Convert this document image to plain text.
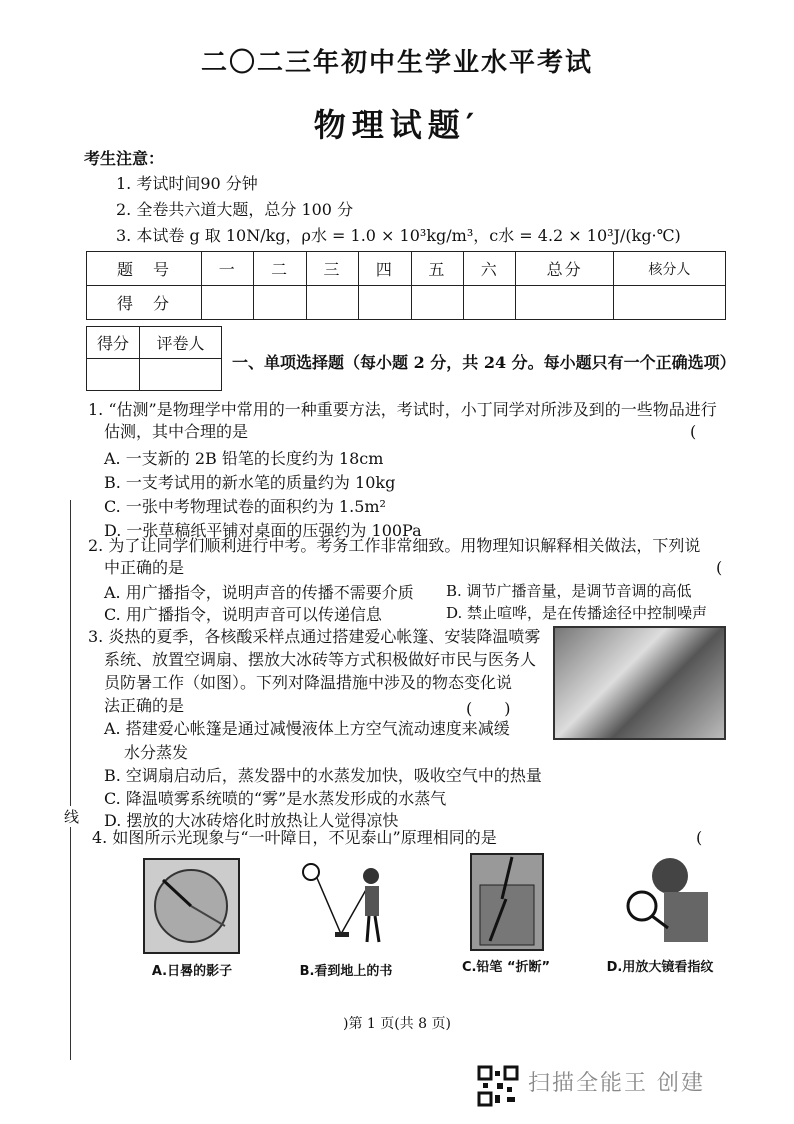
二〇二三年初中生学业水平考试
物理试题′
考生注意：
1. 考试时间90 分钟
2. 全卷共六道大题，总分 100 分
3. 本试卷 g 取 10N/kg，ρ水 = 1.0 × 10³kg/m³，c水 = 4.2 × 10³J/(kg·℃)
题　号	一	二	三	四	五	六	总分	核分人
得　分								
得分	评卷人

一、单项选择题（每小题 2 分，共 24 分。每小题只有一个正确选项）
线
1. “估测”是物理学中常用的一种重要方法，考试时，小丁同学对所涉及到的一些物品进行
估测，其中合理的是	(
A. 一支新的 2B 铅笔的长度约为 18cm
B. 一支考试用的新水笔的质量约为 10kg
C. 一张中考物理试卷的面积约为 1.5m²
D. 一张草稿纸平铺对桌面的压强约为 100Pa
2. 为了让同学们顺利进行中考。考务工作非常细致。用物理知识解释相关做法，下列说
中正确的是	(
A. 用广播指令，说明声音的传播不需要介质 B. 调节广播音量，是调节音调的高低
C. 用广播指令，说明声音可以传递信息	D. 禁止喧哗，是在传播途径中控制噪声
3. 炎热的夏季，各核酸采样点通过搭建爱心帐篷、安装降温喷雾
系统、放置空调扇、摆放大冰砖等方式积极做好市民与医务人
员防暑工作（如图）。下列对降温措施中涉及的物态变化说
法正确的是	(　　)
A. 搭建爱心帐篷是通过减慢液体上方空气流动速度来减缓
水分蒸发
B. 空调扇启动后，蒸发器中的水蒸发加快，吸收空气中的热量
C. 降温喷雾系统喷的“雾”是水蒸发形成的水蒸气
D. 摆放的大冰砖熔化时放热让人觉得凉快
4. 如图所示光现象与“一叶障日，不见泰山”原理相同的是	(
A.日晷的影子	B.看到地上的书	C.铅笔 “折断”	D.用放大镜看指纹
)第 1 页(共 8 页)
扫描全能王 创建
